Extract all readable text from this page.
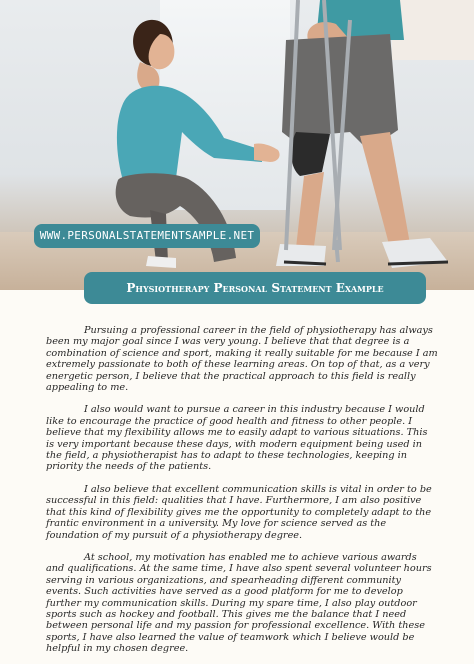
WWW.PERSONALSTATEMENTSAMPLE.NET
Physiotherapy Personal Statement Example

Pursuing a professional career in the field of physiotherapy has always been my major goal since I was very young. I believe that that degree is a combination of science and sport, making it really suitable for me because I am extremely passionate to both of these learning areas. On top of that, as a very energetic person, I believe that the practical approach to this field is really appealing to me.

I also would want to pursue a career in this industry because I would like to encourage the practice of good health and fitness to other people. I believe that my flexibility allows me to easily adapt to various situations. This is very important because these days, with modern equipment being used in the field, a physiotherapist has to adapt to these technologies, keeping in priority the needs of the patients.

I also believe that excellent communication skills is vital in order to be successful in this field: qualities that I have. Furthermore, I am also positive that this kind of flexibility gives me the opportunity to completely adapt to the frantic environment in a university. My love for science served as the foundation of my pursuit of a physiotherapy degree.

At school, my motivation has enabled me to achieve various awards and qualifications. At the same time, I have also spent several volunteer hours serving in various organizations, and spearheading different community events. Such activities have served as a good platform for me to develop further my communication skills. During my spare time, I also play outdoor sports such as hockey and football. This gives me the balance that I need between personal life and my passion for professional excellence. With these sports, I have also learned the value of teamwork which I believe would be helpful in my chosen degree.
